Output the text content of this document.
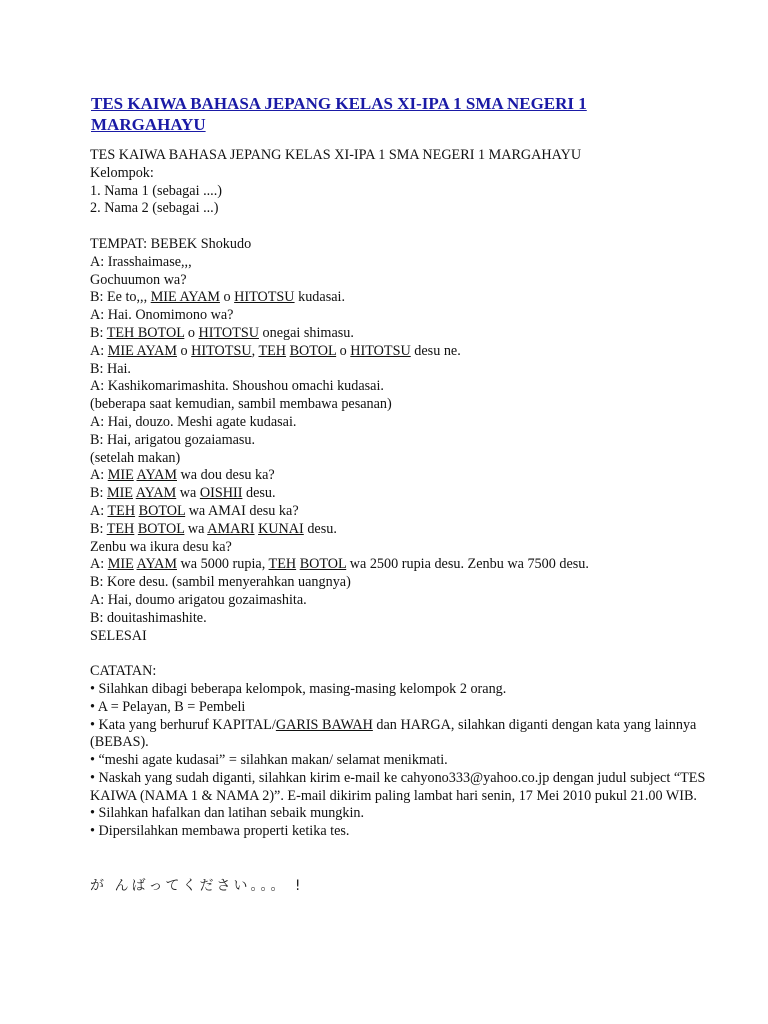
TES KAIWA BAHASA JEPANG KELAS XI-IPA 1 SMA NEGERI 1 MARGAHAYU
TES KAIWA BAHASA JEPANG KELAS XI-IPA 1 SMA NEGERI 1 MARGAHAYU
Kelompok:
1. Nama 1 (sebagai ....)
2. Nama 2 (sebagai ...)
TEMPAT: BEBEK Shokudo
A: Irasshaimase,,,
Gochuumon wa?
B: Ee to,,, MIE AYAM o HITOTSU kudasai.
A: Hai. Onomimono wa?
B: TEH BOTOL o HITOTSU onegai shimasu.
A: MIE AYAM o HITOTSU, TEH BOTOL o HITOTSU desu ne.
B: Hai.
A: Kashikomarimashita. Shoushou omachi kudasai.
(beberapa saat kemudian, sambil membawa pesanan)
A: Hai, douzo. Meshi agate kudasai.
B: Hai, arigatou gozaiamasu.
(setelah makan)
A: MIE AYAM wa dou desu ka?
B: MIE AYAM wa OISHII desu.
A: TEH BOTOL wa AMAI desu ka?
B: TEH BOTOL wa AMARI KUNAI desu.
Zenbu wa ikura desu ka?
A: MIE AYAM wa 5000 rupia, TEH BOTOL wa 2500 rupia desu. Zenbu wa 7500 desu.
B: Kore desu. (sambil menyerahkan uangnya)
A: Hai, doumo arigatou gozaimashita.
B: douitashimashite.
SELESAI
CATATAN:
• Silahkan dibagi beberapa kelompok, masing-masing kelompok 2 orang.
• A = Pelayan, B = Pembeli
• Kata yang berhuruf KAPITAL/GARIS BAWAH dan HARGA, silahkan diganti dengan kata yang lainnya (BEBAS).
• “meshi agate kudasai” = silahkan makan/ selamat menikmati.
• Naskah yang sudah diganti, silahkan kirim e-mail ke cahyono333@yahoo.co.jp dengan judul subject “TES KAIWA (NAMA 1 & NAMA 2)”. E-mail dikirim paling lambat hari senin, 17 Mei 2010 pukul 21.00 WIB.
• Silahkan hafalkan dan latihan sebaik mungkin.
• Dipersilahkan membawa properti ketika tes.
が んばってください。。。 !
